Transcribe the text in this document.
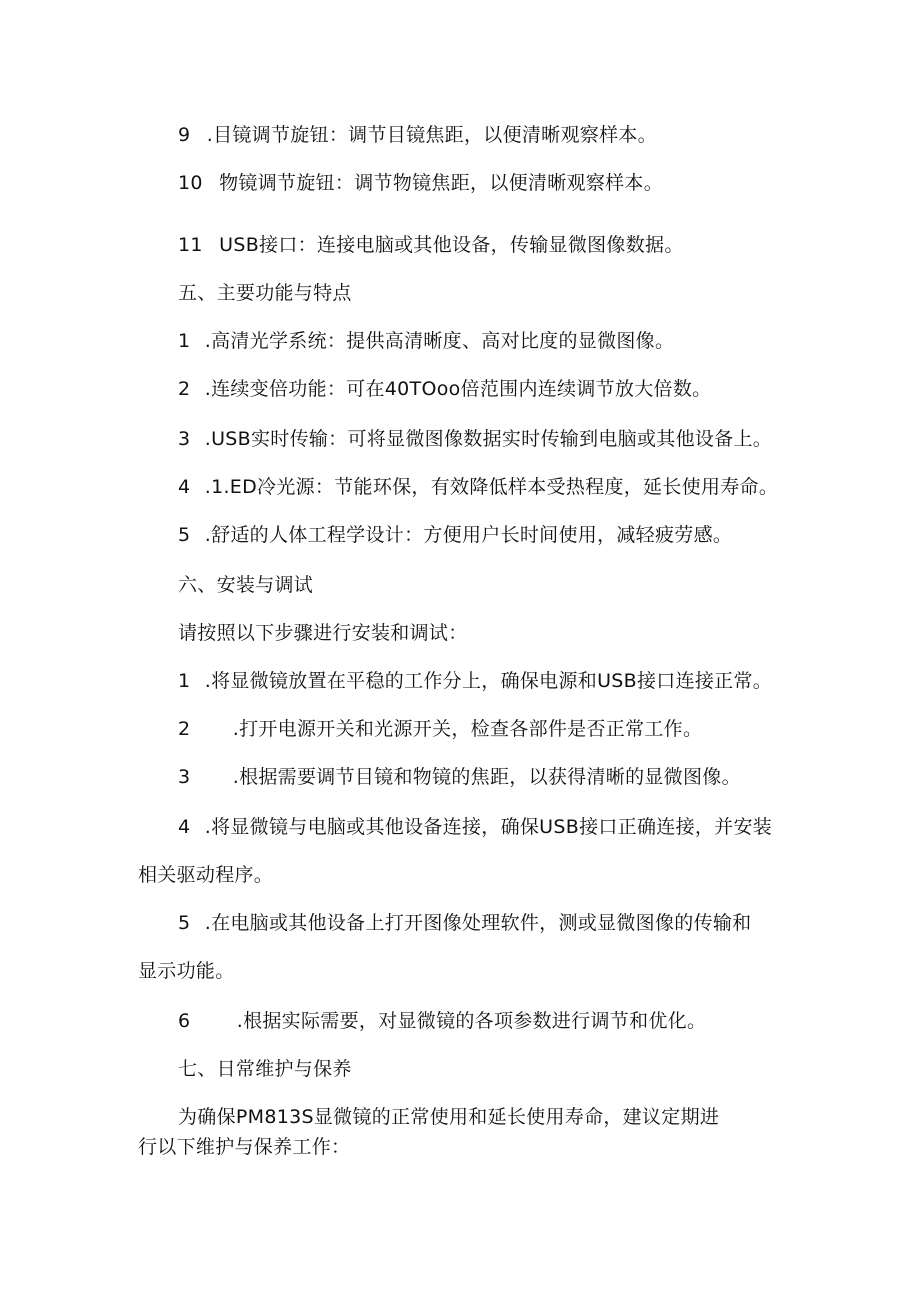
9 .目镜调节旋钮：调节目镜焦距，以便清晰观察样本。
10 物镜调节旋钮：调节物镜焦距，以便清晰观察样本。
11 USB接口：连接电脑或其他设备，传输显微图像数据。
五、主要功能与特点
1 .高清光学系统：提供高清晰度、高对比度的显微图像。
2 .连续变倍功能：可在40TOoo倍范围内连续调节放大倍数。
3 .USB实时传输：可将显微图像数据实时传输到电脑或其他设备上。
4 .1.ED冷光源：节能环保，有效降低样本受热程度，延长使用寿命。
5 .舒适的人体工程学设计：方便用户长时间使用，减轻疲劳感。
六、安装与调试
请按照以下步骤进行安装和调试：
1 .将显微镜放置在平稳的工作分上，确保电源和USB接口连接正常。
2 .打开电源开关和光源开关，检查各部件是否正常工作。
3 .根据需要调节目镜和物镜的焦距，以获得清晰的显微图像。
4 .将显微镜与电脑或其他设备连接，确保USB接口正确连接，并安装
相关驱动程序。
5 .在电脑或其他设备上打开图像处理软件，测或显微图像的传输和
显示功能。
6 .根据实际需要，对显微镜的各项参数进行调节和优化。
七、日常维护与保养
为确保PM813S显微镜的正常使用和延长使用寿命，建议定期进
行以下维护与保养工作：
